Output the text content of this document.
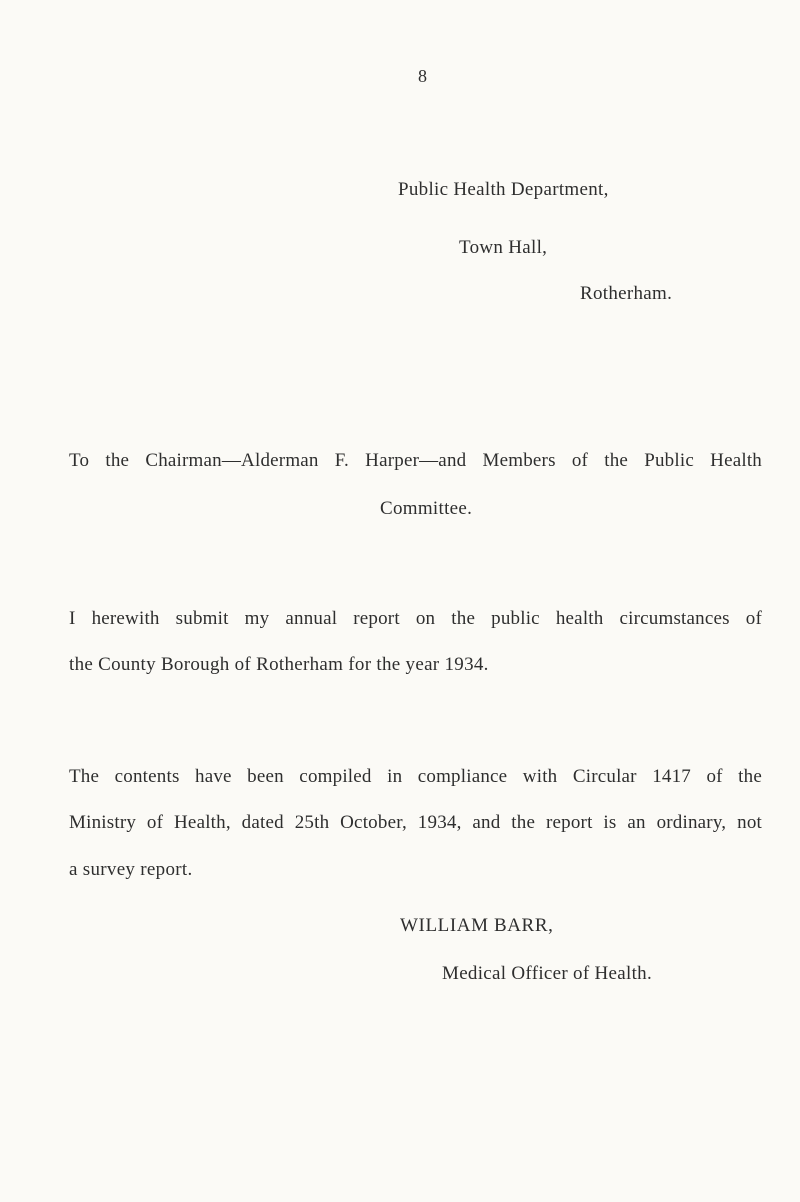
8
Public Health Department,
Town Hall,
Rotherham.
To the Chairman—Alderman F. Harper—and Members of the Public Health
Committee.
I herewith submit my annual report on the public health circumstances of
the County Borough of Rotherham for the year 1934.
The contents have been compiled in compliance with Circular 1417 of the
Ministry of Health, dated 25th October, 1934, and the report is an ordinary, not
a survey report.
WILLIAM BARR,
Medical Officer of Health.
